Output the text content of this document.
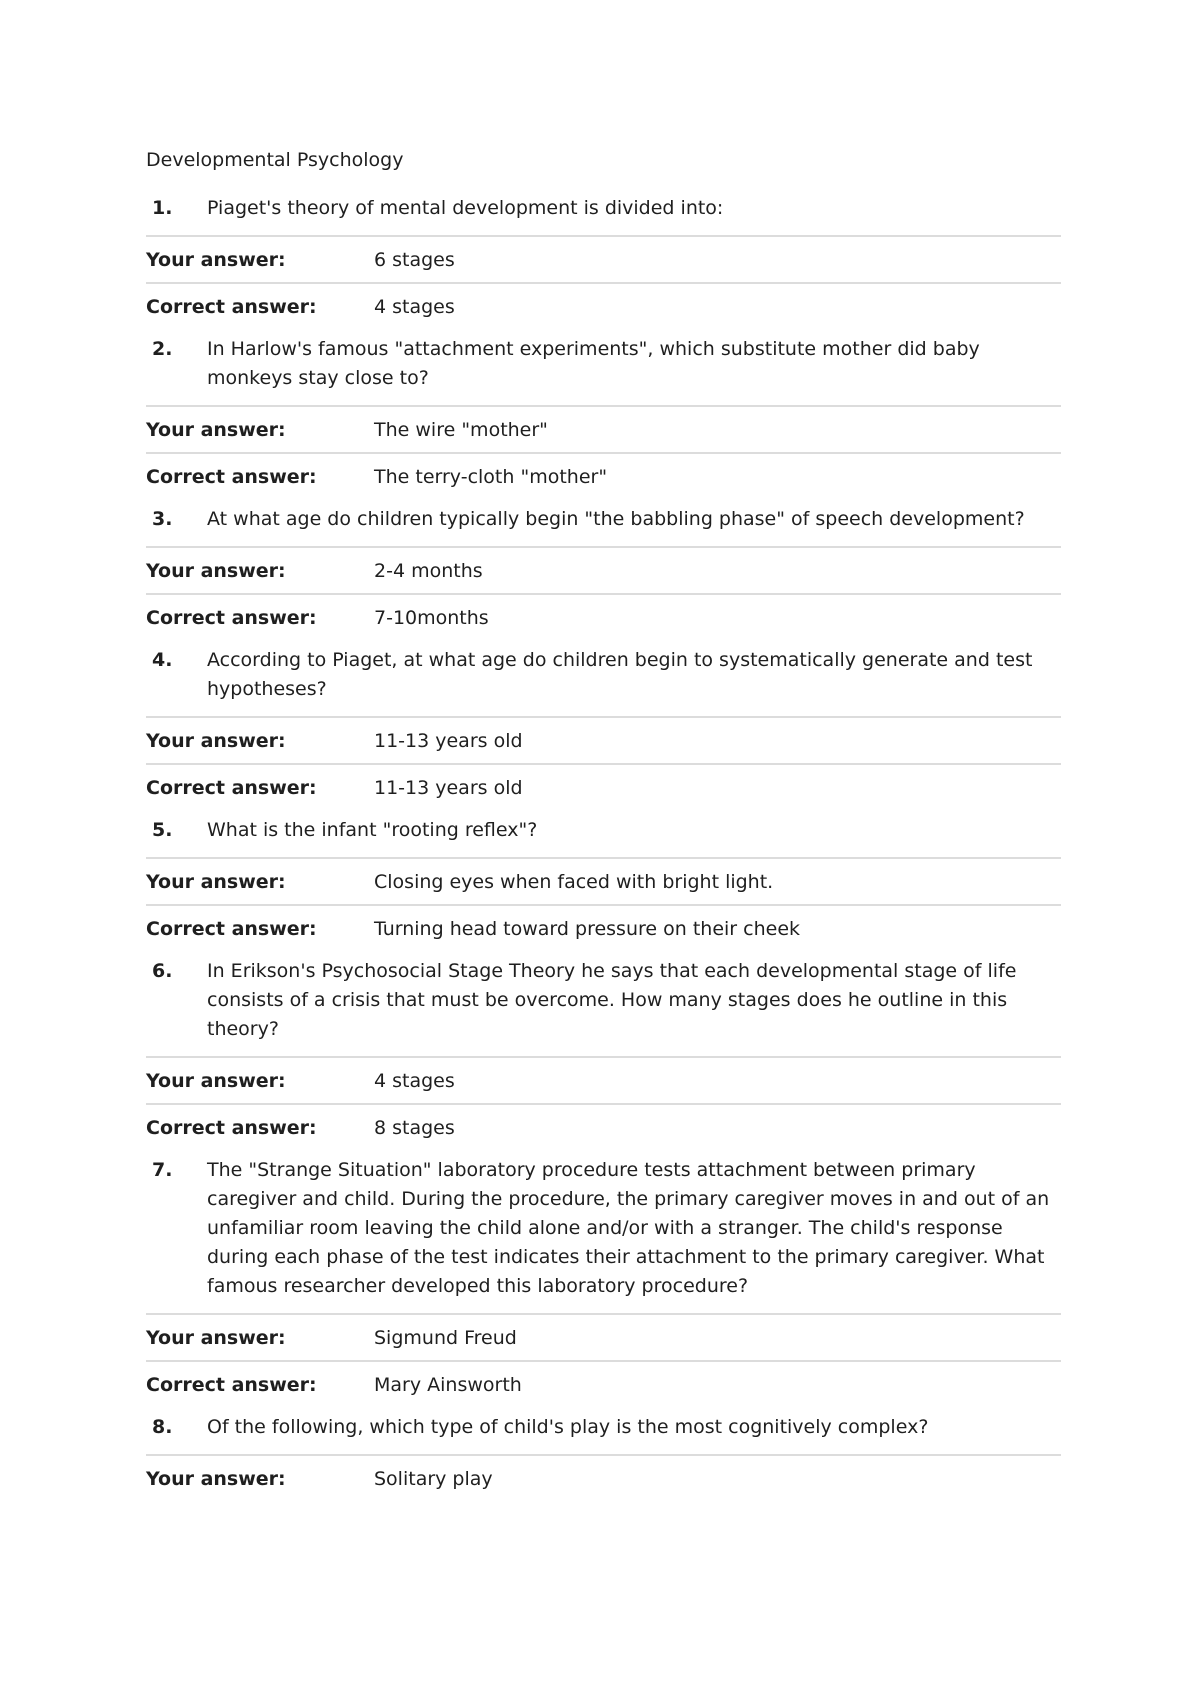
Developmental Psychology
1.	Piaget's theory of mental development is divided into:
Your answer:	6 stages
Correct answer:	4 stages
2.	In Harlow's famous "attachment experiments", which substitute mother did baby monkeys stay close to?
Your answer:	The wire "mother"
Correct answer:	The terry-cloth "mother"
3.	At what age do children typically begin "the babbling phase" of speech development?
Your answer:	2-4 months
Correct answer:	7-10months
4.	According to Piaget, at what age do children begin to systematically generate and test hypotheses?
Your answer:	11-13 years old
Correct answer:	11-13 years old
5.	What is the infant "rooting reflex"?
Your answer:	Closing eyes when faced with bright light.
Correct answer:	Turning head toward pressure on their cheek
6.	In Erikson's Psychosocial Stage Theory he says that each developmental stage of life consists of a crisis that must be overcome. How many stages does he outline in this theory?
Your answer:	4 stages
Correct answer:	8 stages
7.	The "Strange Situation" laboratory procedure tests attachment between primary caregiver and child. During the procedure, the primary caregiver moves in and out of an unfamiliar room leaving the child alone and/or with a stranger. The child's response during each phase of the test indicates their attachment to the primary caregiver. What famous researcher developed this laboratory procedure?
Your answer:	Sigmund Freud
Correct answer:	Mary Ainsworth
8.	Of the following, which type of child's play is the most cognitively complex?
Your answer:	Solitary play
